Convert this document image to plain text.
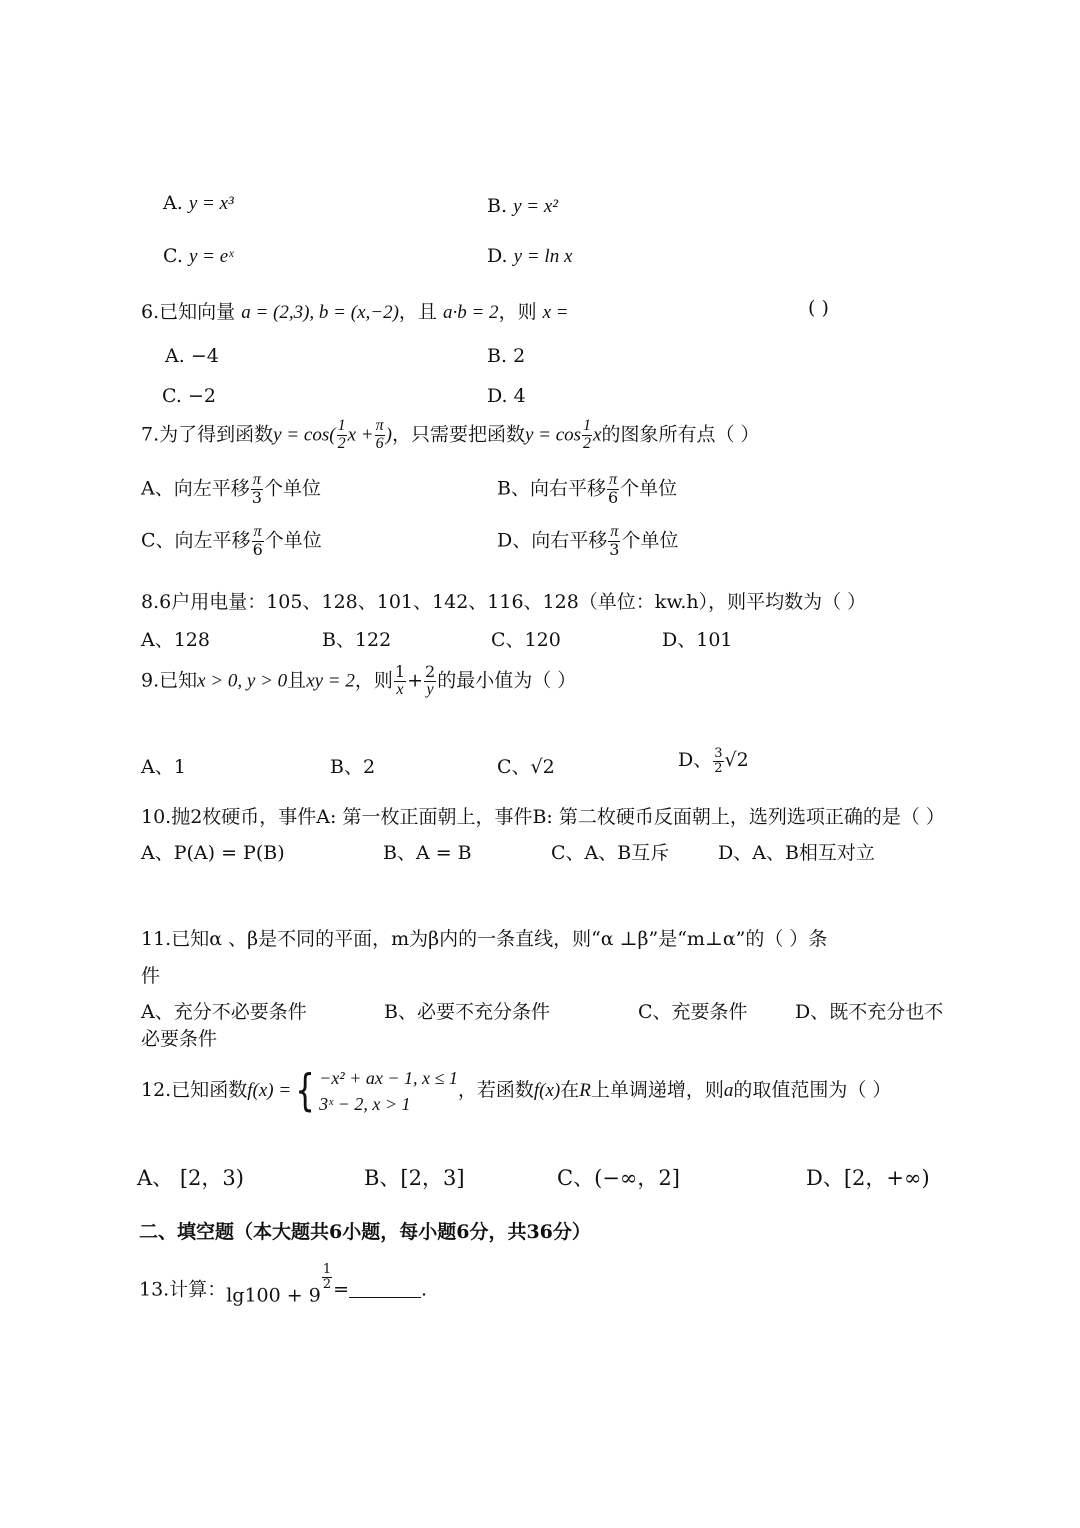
A. y = x³	B. y = x²
C. y = eˣ	D. y = ln x
6.已知向量 a = (2,3), b = (x,−2)，且 a·b = 2，则 x =	( )
A. −4	B. 2
C. −2	D. 4
7.为了得到函数$y = \cos( \frac{1}{2}$ $x + \frac{\pi}{6}$ )，只需要把函数$y = \cos \frac{1}{2}$ x的图象所有点（ ）
A、向左平移 $\frac{\pi}{3}$ 个单位	B、向右平移 $\frac{\pi}{6}$ 个单位
C、向左平移 $\frac{\pi}{6}$ 个单位	D、向右平移 $\frac{\pi}{3}$ 个单位
8.6户用电量：105、128、101、142、116、128（单位：kw.h），则平均数为（ ）
A、128	B、122	C、120	D、101
9.已知x > 0, y > 0且xy = 2，则 $\frac{1}{x} + \frac{2}{y}$ 的最小值为（ ）
A、1	B、2	C、√2	D、 $\frac{3}{2} √2$
10.抛2枚硬币，事件A: 第一枚正面朝上，事件B: 第二枚硬币反面朝上，选列选项正确的是（ ）
A、P(A) = P(B)	B、A = B	C、A、B互斥	D、A、B相互对立
11.已知α 、β是不同的平面，m为β内的一条直线，则“α ⊥β”是“m⊥α”的（ ）条
件
A、充分不必要条件	B、必要不充分条件	C、充要条件 D、既不充分也不
必要条件
12.已知函数f(x) ={ −x² + ax − 1, x ≤ 1
3ˣ − 2, x > 1
，若函数f(x)在R上单调递增，则a的取值范围为（ ）
A、 [2，3)	B、[2，3]	C、(−∞，2]	D、[2，+∞)
二、填空题（本大题共6小题，每小题6分，共36分）
13.计算：lg100 + 9
$^{\frac{1}{2}}$ =	.
